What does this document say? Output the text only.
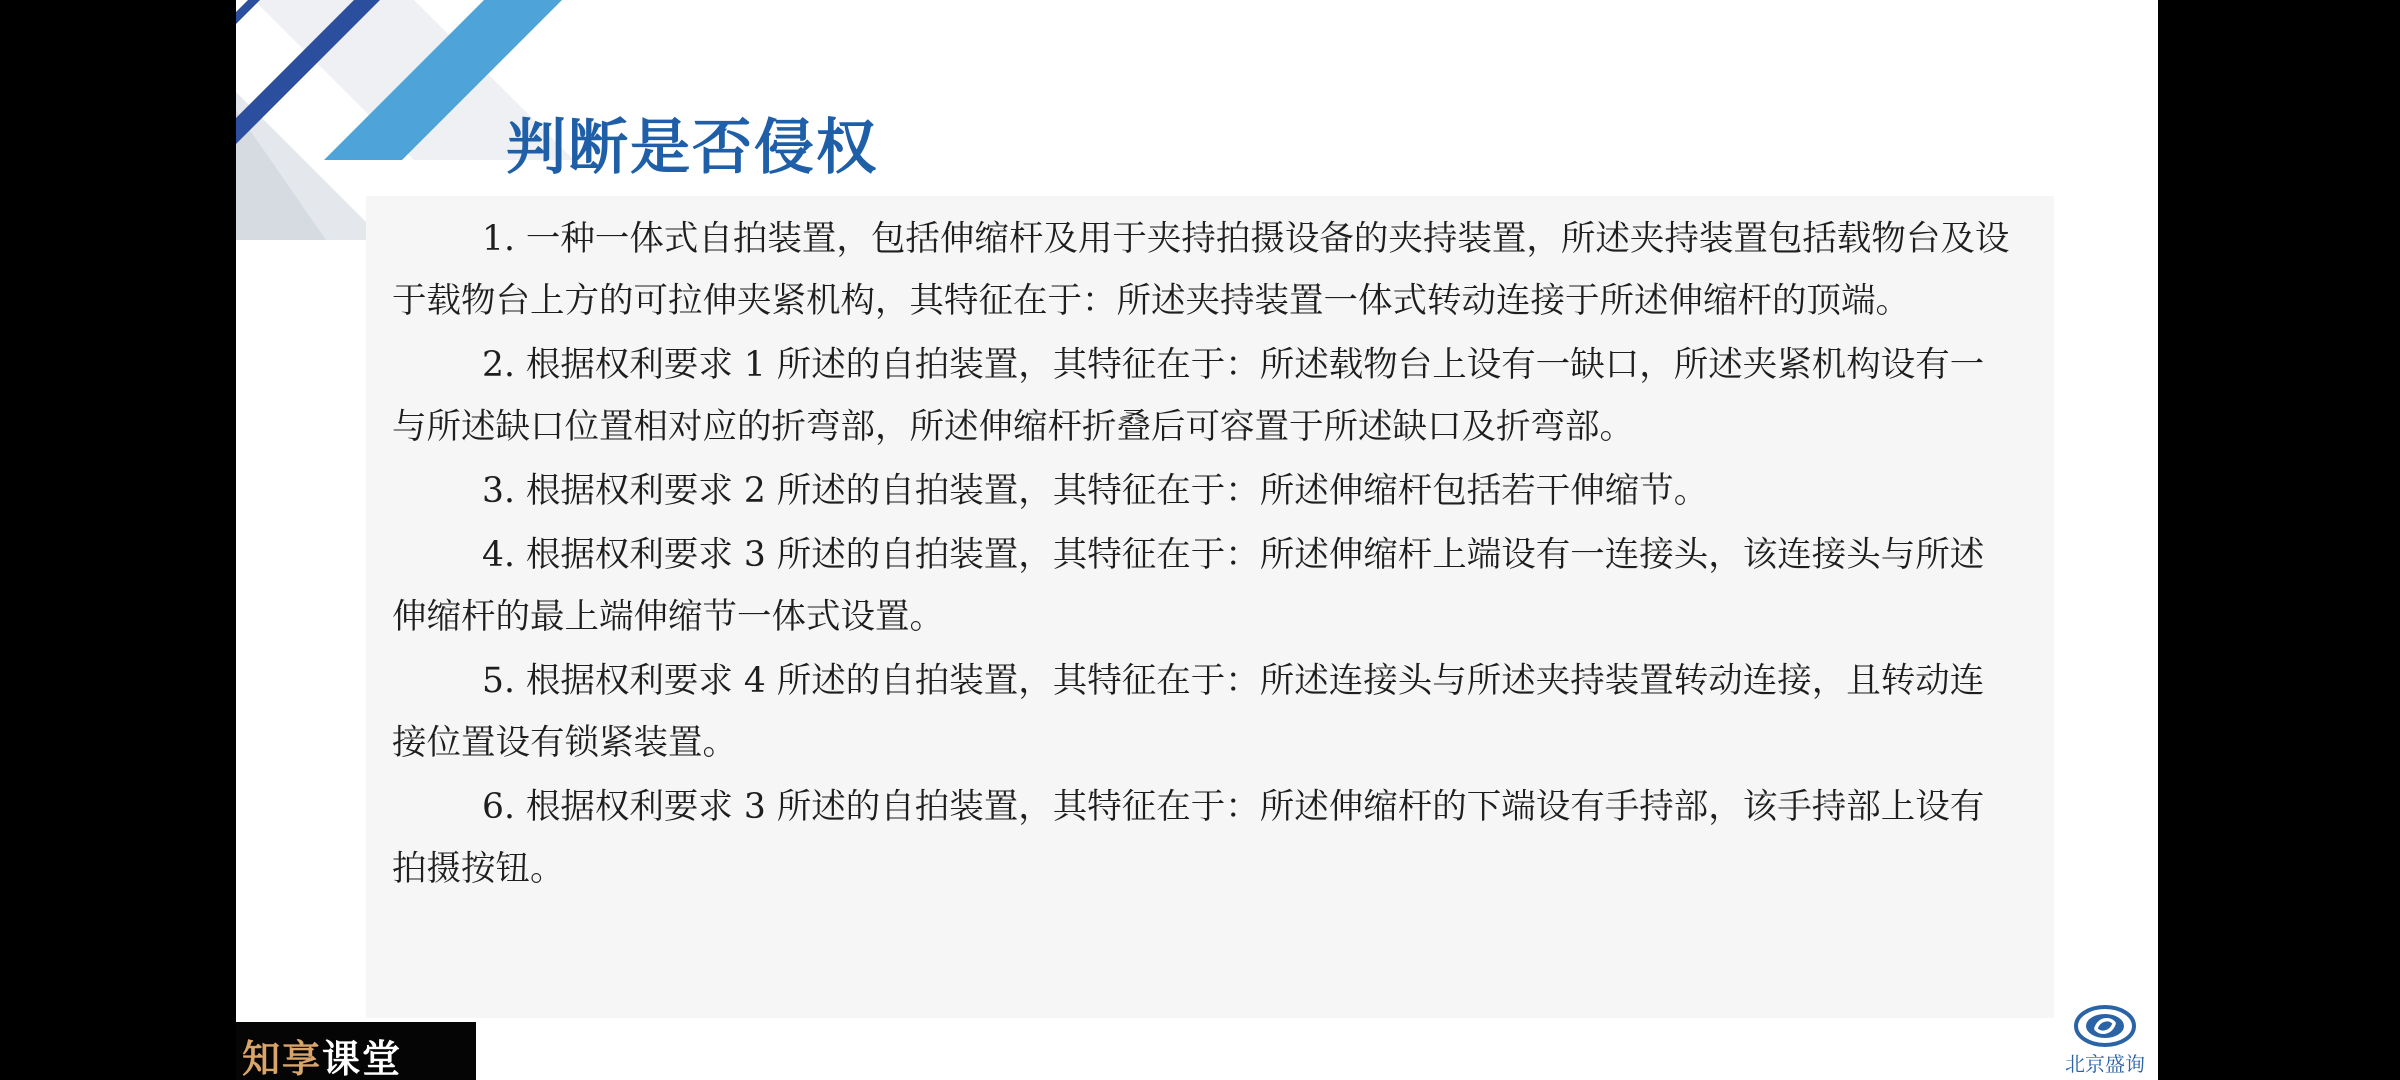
判断是否侵权
1. 一种一体式自拍装置，包括伸缩杆及用于夹持拍摄设备的夹持装置，所述夹持装置包括载物台及设于载物台上方的可拉伸夹紧机构，其特征在于：所述夹持装置一体式转动连接于所述伸缩杆的顶端。
2. 根据权利要求 1 所述的自拍装置，其特征在于：所述载物台上设有一缺口，所述夹紧机构设有一与所述缺口位置相对应的折弯部，所述伸缩杆折叠后可容置于所述缺口及折弯部。
3. 根据权利要求 2 所述的自拍装置，其特征在于：所述伸缩杆包括若干伸缩节。
4. 根据权利要求 3 所述的自拍装置，其特征在于：所述伸缩杆上端设有一连接头，该连接头与所述伸缩杆的最上端伸缩节一体式设置。
5. 根据权利要求 4 所述的自拍装置，其特征在于：所述连接头与所述夹持装置转动连接，且转动连接位置设有锁紧装置。
6. 根据权利要求 3 所述的自拍装置，其特征在于：所述伸缩杆的下端设有手持部，该手持部上设有拍摄按钮。
知享课堂	北京盛询
